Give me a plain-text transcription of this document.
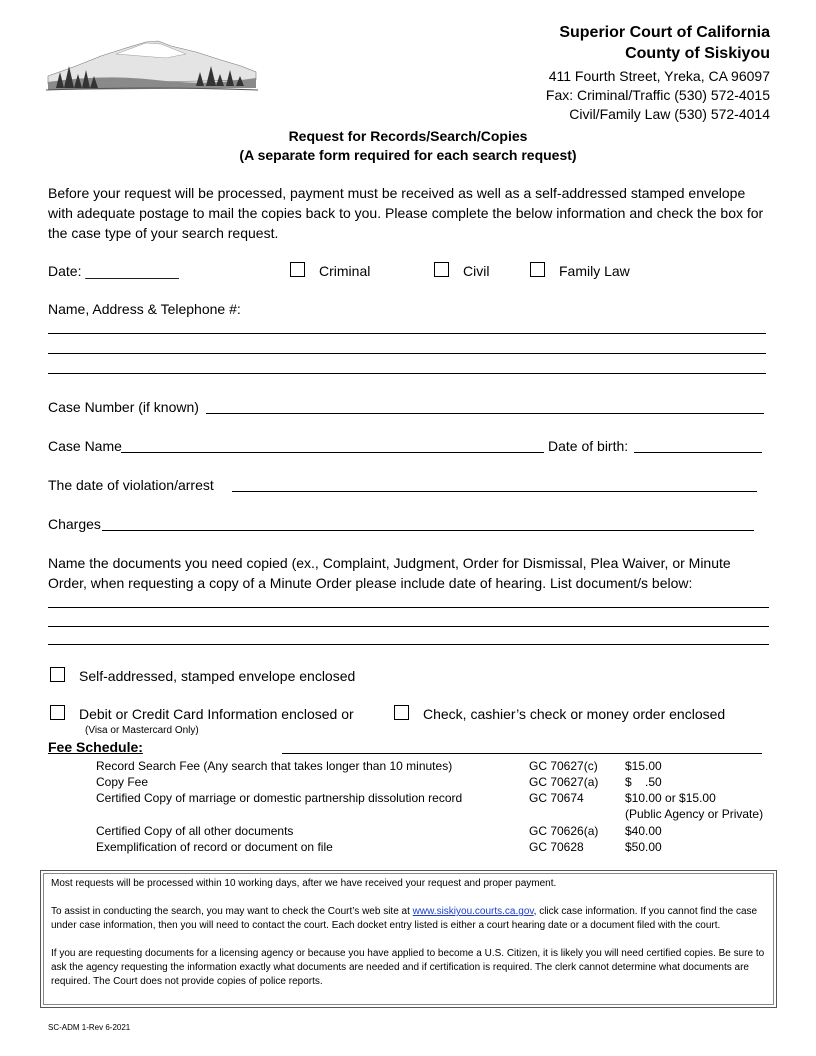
Superior Court of California
County of Siskiyou
411 Fourth Street, Yreka, CA 96097
Fax: Criminal/Traffic (530) 572-4015
Civil/Family Law (530) 572-4014
Request for Records/Search/Copies
(A separate form required for each search request)
Before your request will be processed, payment must be received as well as a self-addressed stamped envelope with adequate postage to mail the copies back to you. Please complete the below information and check the box for the case type of your search request.
Date: ____________	Criminal	Civil	Family Law
Name, Address & Telephone #:
Case Number (if known)
Case Name	Date of birth:
The date of violation/arrest
Charges
Name the documents you need copied (ex., Complaint, Judgment, Order for Dismissal, Plea Waiver, or Minute Order, when requesting a copy of a Minute Order please include date of hearing. List document/s below:
Self-addressed, stamped envelope enclosed
Debit or Credit Card Information enclosed or
(Visa or Mastercard Only)
Check, cashier’s check or money order enclosed
Fee Schedule:
Record Search Fee (Any search that takes longer than 10 minutes)	GC 70627(c) $15.00
Copy Fee	GC 70627(a) $    .50
Certified Copy of marriage or domestic partnership dissolution record	GC 70674	$10.00 or $15.00
(Public Agency or Private)
Certified Copy of all other documents	GC 70626(a) $40.00
Exemplification of record or document on file	GC 70628	$50.00

Most requests will be processed within 10 working days, after we have received your request and proper payment.

To assist in conducting the search, you may want to check the Court’s web site at www.siskiyou.courts.ca.gov, click case information. If you cannot find the case under case information, then you will need to contact the court. Each docket entry listed is either a court hearing date or a document filed with the court.

If you are requesting documents for a licensing agency or because you have applied to become a U.S. Citizen, it is likely you will need certified copies. Be sure to ask the agency requesting the information exactly what documents are needed and if certification is required. The clerk cannot determine what documents are required. The Court does not provide copies of police reports.

SC-ADM 1-Rev 6-2021
